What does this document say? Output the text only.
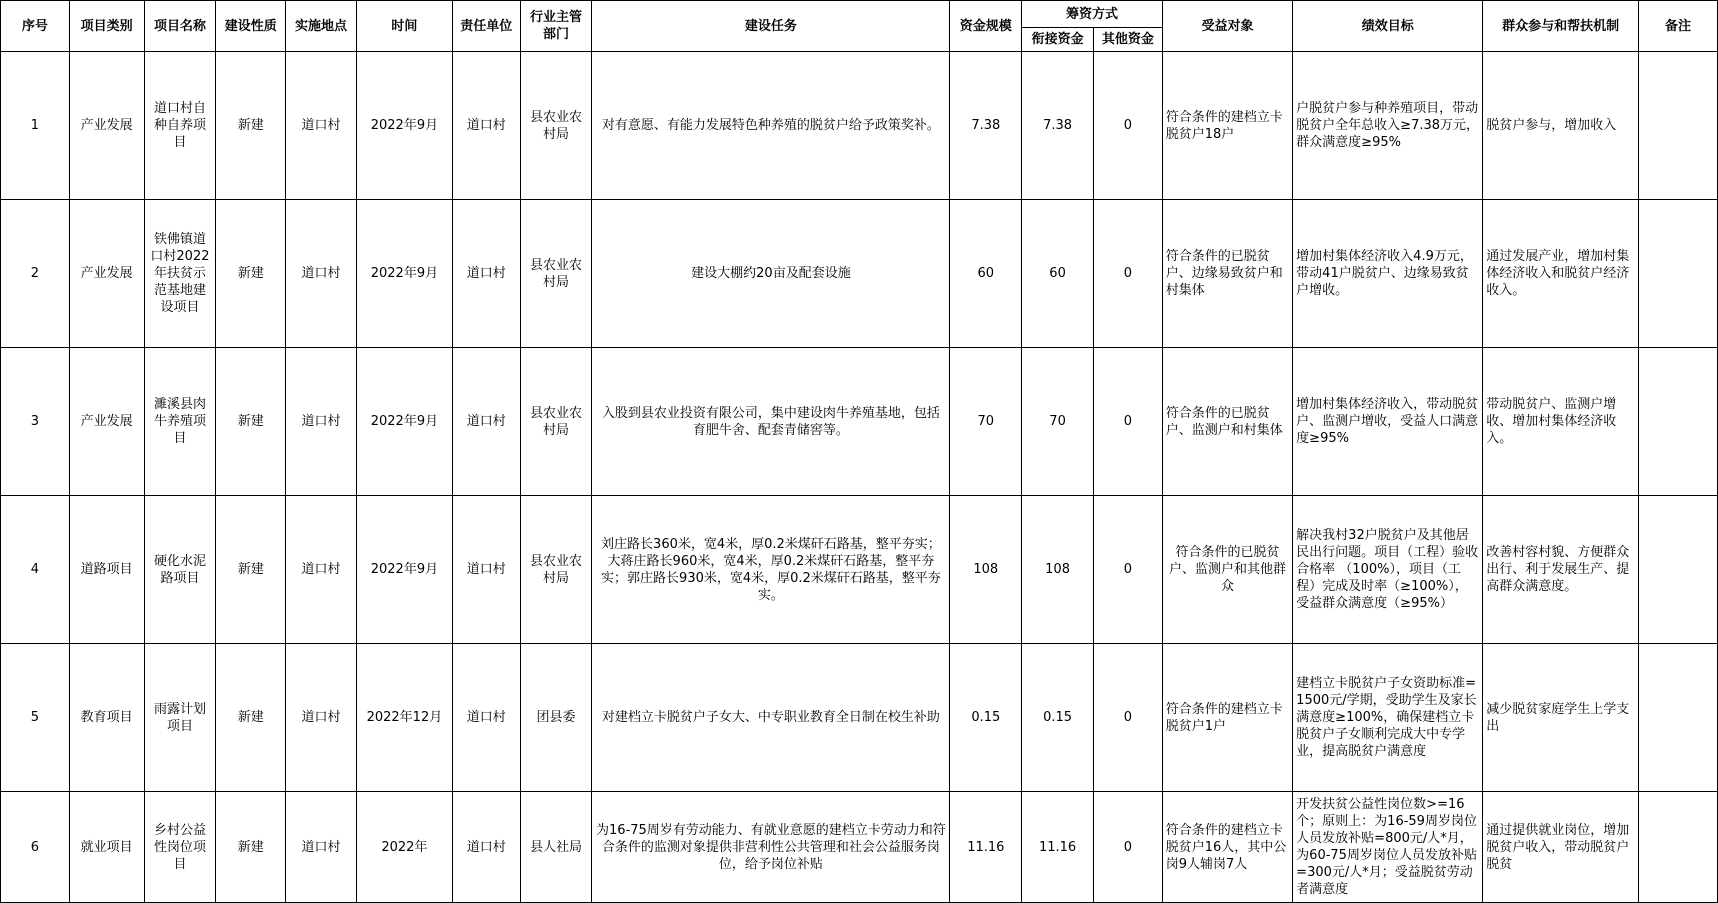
序号	项目类别	项目名称	建设性质	实施地点	时间	责任单位	行业主管部门	建设任务	资金规模	筹资方式		受益对象	绩效目标	群众参与和帮扶机制	备注
										衔接资金	其他资金				
1	产业发展	道口村自种自养项目	新建	道口村	2022年9月	道口村	县农业农村局	对有意愿、有能力发展特色种养殖的脱贫户给予政策奖补。	7.38	7.38	0	符合条件的建档立卡脱贫户18户	户脱贫户参与种养殖项目，带动脱贫户全年总收入≥7.38万元，群众满意度≥95%	脱贫户参与，增加收入	
2	产业发展	铁佛镇道口村2022年扶贫示范基地建设项目	新建	道口村	2022年9月	道口村	县农业农村局	建设大棚约20亩及配套设施	60	60	0	符合条件的已脱贫户、边缘易致贫户和村集体	增加村集体经济收入4.9万元，带动41户脱贫户、边缘易致贫户增收。	通过发展产业，增加村集体经济收入和脱贫户经济收入。	
3	产业发展	濉溪县肉牛养殖项目	新建	道口村	2022年9月	道口村	县农业农村局	入股到县农业投资有限公司，集中建设肉牛养殖基地，包括育肥牛舍、配套青储窖等。	70	70	0	符合条件的已脱贫户、监测户和村集体	增加村集体经济收入，带动脱贫户、监测户增收，受益人口满意度≥95%	带动脱贫户、监测户增收、增加村集体经济收入。	
4	道路项目	硬化水泥路项目	新建	道口村	2022年9月	道口村	县农业农村局	刘庄路长360米，宽4米，厚0.2米煤矸石路基，整平夯实；大蒋庄路长960米，宽4米，厚0.2米煤矸石路基，整平夯实；郭庄路长930米，宽4米，厚0.2米煤矸石路基，整平夯实。	108	108	0	符合条件的已脱贫户、监测户和其他群众	解决我村32户脱贫户及其他居民出行问题。项目（工程）验收合格率 （100%），项目（工程）完成及时率（≥100%），受益群众满意度（≥95%）	改善村容村貌、方便群众出行、利于发展生产、提高群众满意度。	
5	教育项目	雨露计划项目	新建	道口村	2022年12月	道口村	团县委	对建档立卡脱贫户子女大、中专职业教育全日制在校生补助	0.15	0.15	0	符合条件的建档立卡脱贫户1户	建档立卡脱贫户子女资助标准=1500元/学期，受助学生及家长满意度≥100%，确保建档立卡脱贫户子女顺利完成大中专学业，提高脱贫户满意度	减少脱贫家庭学生上学支出	
6	就业项目	乡村公益性岗位项目	新建	道口村	2022年	道口村	县人社局	为16-75周岁有劳动能力、有就业意愿的建档立卡劳动力和符合条件的监测对象提供非营利性公共管理和社会公益服务岗位，给予岗位补贴	11.16	11.16	0	符合条件的建档立卡脱贫户16人，其中公岗9人辅岗7人	开发扶贫公益性岗位数>=16个；原则上：为16-59周岁岗位人员发放补贴=800元/人*月，为60-75周岁岗位人员发放补贴=300元/人*月；受益脱贫劳动者满意度	通过提供就业岗位，增加脱贫户收入，带动脱贫户脱贫	
